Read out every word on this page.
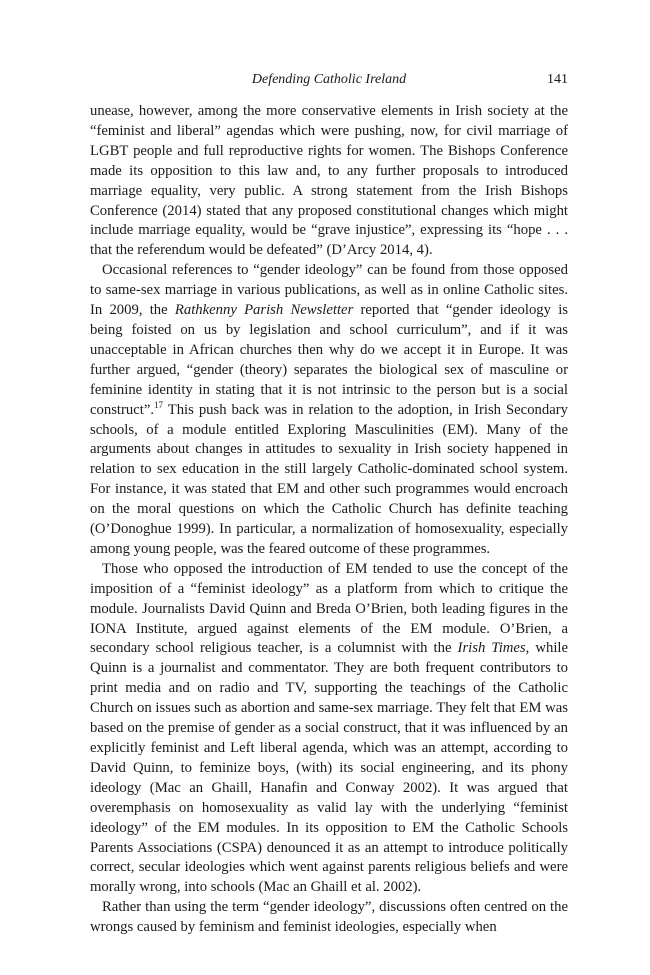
Defending Catholic Ireland	141

unease, however, among the more conservative elements in Irish society at the “feminist and liberal” agendas which were pushing, now, for civil marriage of LGBT people and full reproductive rights for women. The Bishops Conference made its opposition to this law and, to any further proposals to introduced marriage equality, very public. A strong statement from the Irish Bishops Conference (2014) stated that any proposed constitutional changes which might include marriage equality, would be “grave injustice”, expressing its “hope . . . that the referendum would be defeated” (D’Arcy 2014, 4).

Occasional references to “gender ideology” can be found from those opposed to same-sex marriage in various publications, as well as in online Catholic sites. In 2009, the Rathkenny Parish Newsletter reported that “gender ideology is being foisted on us by legislation and school curriculum”, and if it was unacceptable in African churches then why do we accept it in Europe. It was further argued, “gender (theory) separates the biological sex of masculine or feminine identity in stating that it is not intrinsic to the person but is a social construct”.$^{17}$ This push back was in relation to the adoption, in Irish Secondary schools, of a module entitled Exploring Masculinities (EM). Many of the arguments about changes in attitudes to sexuality in Irish society happened in relation to sex education in the still largely Catholic-dominated school system. For instance, it was stated that EM and other such programmes would encroach on the moral questions on which the Catholic Church has definite teaching (O’Donoghue 1999). In particular, a normalization of homosexuality, especially among young people, was the feared outcome of these programmes.

Those who opposed the introduction of EM tended to use the concept of the imposition of a “feminist ideology” as a platform from which to critique the module. Journalists David Quinn and Breda O’Brien, both leading figures in the IONA Institute, argued against elements of the EM module. O’Brien, a secondary school religious teacher, is a columnist with the Irish Times, while Quinn is a journalist and commentator. They are both frequent contributors to print media and on radio and TV, supporting the teachings of the Catholic Church on issues such as abortion and same-sex marriage. They felt that EM was based on the premise of gender as a social construct, that it was influenced by an explicitly feminist and Left liberal agenda, which was an attempt, according to David Quinn, to feminize boys, (with) its social engineering, and its phony ideology (Mac an Ghaill, Hanafin and Conway 2002). It was argued that overemphasis on homosexuality as valid lay with the underlying “feminist ideology” of the EM modules. In its opposition to EM the Catholic Schools Parents Associations (CSPA) denounced it as an attempt to introduce politically correct, secular ideologies which went against parents religious beliefs and were morally wrong, into schools (Mac an Ghaill et al. 2002).

Rather than using the term “gender ideology”, discussions often centred on the wrongs caused by feminism and feminist ideologies, especially when
